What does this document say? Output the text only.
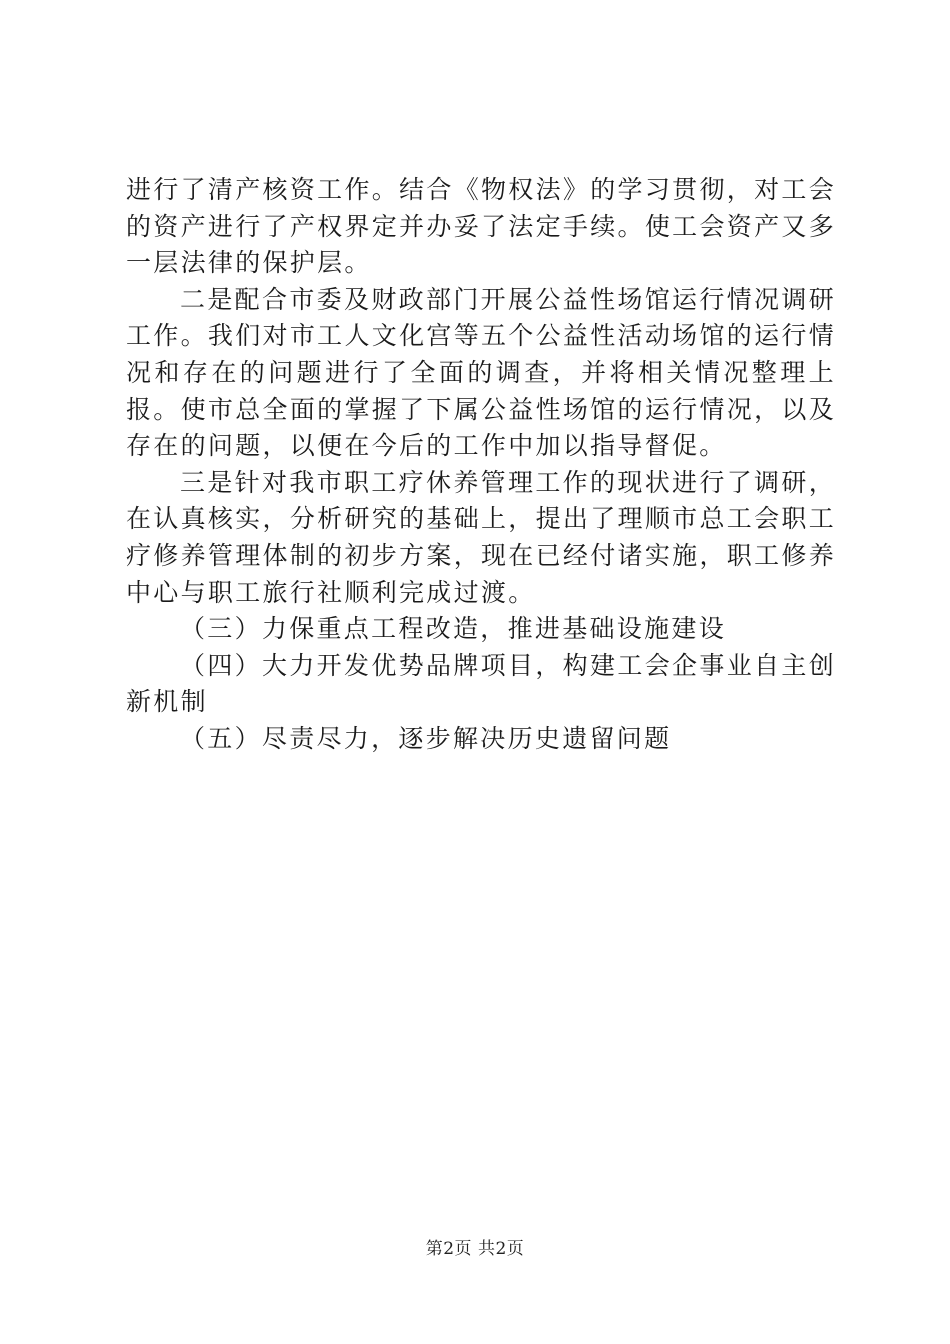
进行了清产核资工作。结合《物权法》的学习贯彻，对工会的资产进行了产权界定并办妥了法定手续。使工会资产又多一层法律的保护层。

二是配合市委及财政部门开展公益性场馆运行情况调研工作。我们对市工人文化宫等五个公益性活动场馆的运行情况和存在的问题进行了全面的调查，并将相关情况整理上报。使市总全面的掌握了下属公益性场馆的运行情况，以及存在的问题，以便在今后的工作中加以指导督促。

三是针对我市职工疗休养管理工作的现状进行了调研，在认真核实，分析研究的基础上，提出了理顺市总工会职工疗修养管理体制的初步方案，现在已经付诸实施，职工修养中心与职工旅行社顺利完成过渡。

（三）力保重点工程改造，推进基础设施建设

（四）大力开发优势品牌项目，构建工会企事业自主创新机制

（五）尽责尽力，逐步解决历史遗留问题

第2页 共2页
